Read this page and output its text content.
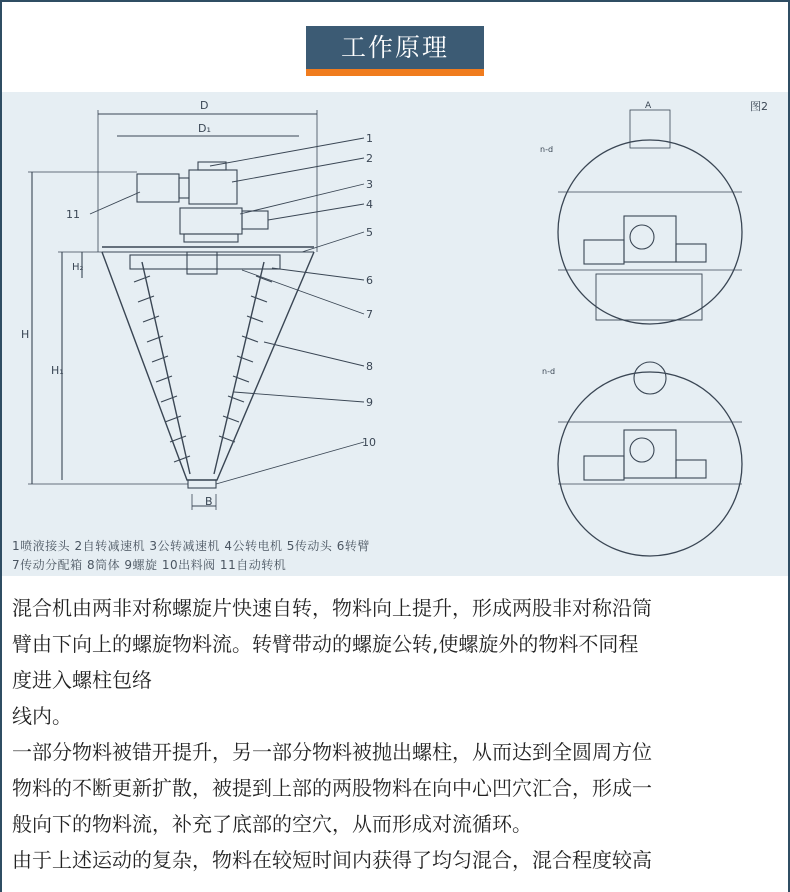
工作原理
D
D₁
B
H
H₁
H₂
1
2
3
4
5
6
7
8
9
10
11
图2
A
n-d
n-d
1喷液接头 2自转减速机 3公转减速机 4公转电机 5传动头 6转臂
7传动分配箱 8筒体 9螺旋 10出料阀 11自动转机

混合机由两非对称螺旋片快速自转，物料向上提升，形成两股非对称沿筒

臂由下向上的螺旋物料流。转臂带动的螺旋公转,使螺旋外的物料不同程

度进入螺柱包络

线内。

一部分物料被错开提升，另一部分物料被抛出螺柱，从而达到全圆周方位

物料的不断更新扩散，被提到上部的两股物料在向中心凹穴汇合，形成一

般向下的物料流，补充了底部的空穴，从而形成对流循环。

由于上述运动的复杂，物料在较短时间内获得了均匀混合，混合程度较高
